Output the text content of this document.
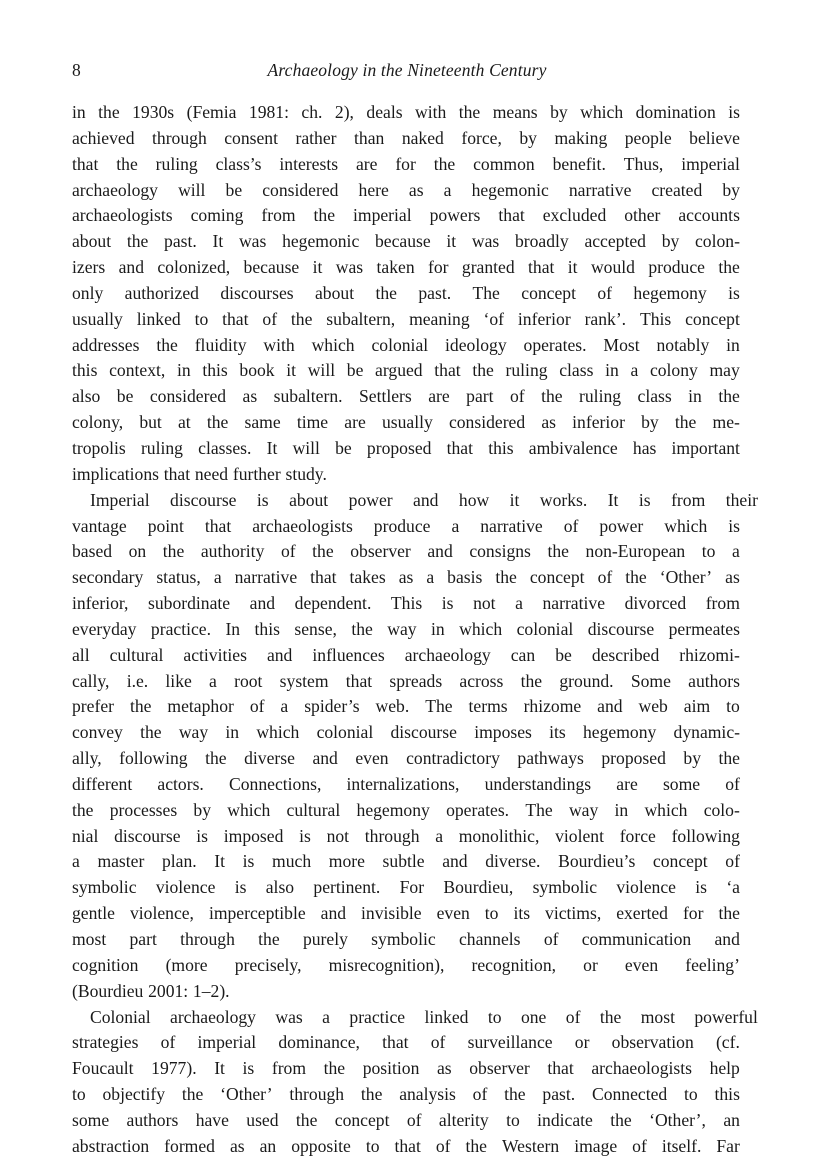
8	Archaeology in the Nineteenth Century

in the 1930s (Femia 1981: ch. 2), deals with the means by which domination is
achieved through consent rather than naked force, by making people believe
that the ruling class’s interests are for the common benefit. Thus, imperial
archaeology will be considered here as a hegemonic narrative created by
archaeologists coming from the imperial powers that excluded other accounts
about the past. It was hegemonic because it was broadly accepted by colon-
izers and colonized, because it was taken for granted that it would produce the
only authorized discourses about the past. The concept of hegemony is
usually linked to that of the subaltern, meaning ‘of inferior rank’. This concept
addresses the fluidity with which colonial ideology operates. Most notably in
this context, in this book it will be argued that the ruling class in a colony may
also be considered as subaltern. Settlers are part of the ruling class in the
colony, but at the same time are usually considered as inferior by the me-
tropolis ruling classes. It will be proposed that this ambivalence has important
implications that need further study.

Imperial discourse is about power and how it works. It is from their
vantage point that archaeologists produce a narrative of power which is
based on the authority of the observer and consigns the non-European to a
secondary status, a narrative that takes as a basis the concept of the ‘Other’ as
inferior, subordinate and dependent. This is not a narrative divorced from
everyday practice. In this sense, the way in which colonial discourse permeates
all cultural activities and influences archaeology can be described rhizomi-
cally, i.e. like a root system that spreads across the ground. Some authors
prefer the metaphor of a spider’s web. The terms rhizome and web aim to
convey the way in which colonial discourse imposes its hegemony dynamic-
ally, following the diverse and even contradictory pathways proposed by the
different actors. Connections, internalizations, understandings are some of
the processes by which cultural hegemony operates. The way in which colo-
nial discourse is imposed is not through a monolithic, violent force following
a master plan. It is much more subtle and diverse. Bourdieu’s concept of
symbolic violence is also pertinent. For Bourdieu, symbolic violence is ‘a
gentle violence, imperceptible and invisible even to its victims, exerted for the
most part through the purely symbolic channels of communication and
cognition (more precisely, misrecognition), recognition, or even feeling’
(Bourdieu 2001: 1–2).

Colonial archaeology was a practice linked to one of the most powerful
strategies of imperial dominance, that of surveillance or observation (cf.
Foucault 1977). It is from the position as observer that archaeologists help
to objectify the ‘Other’ through the analysis of the past. Connected to this
some authors have used the concept of alterity to indicate the ‘Other’, an
abstraction formed as an opposite to that of the Western image of itself. Far
